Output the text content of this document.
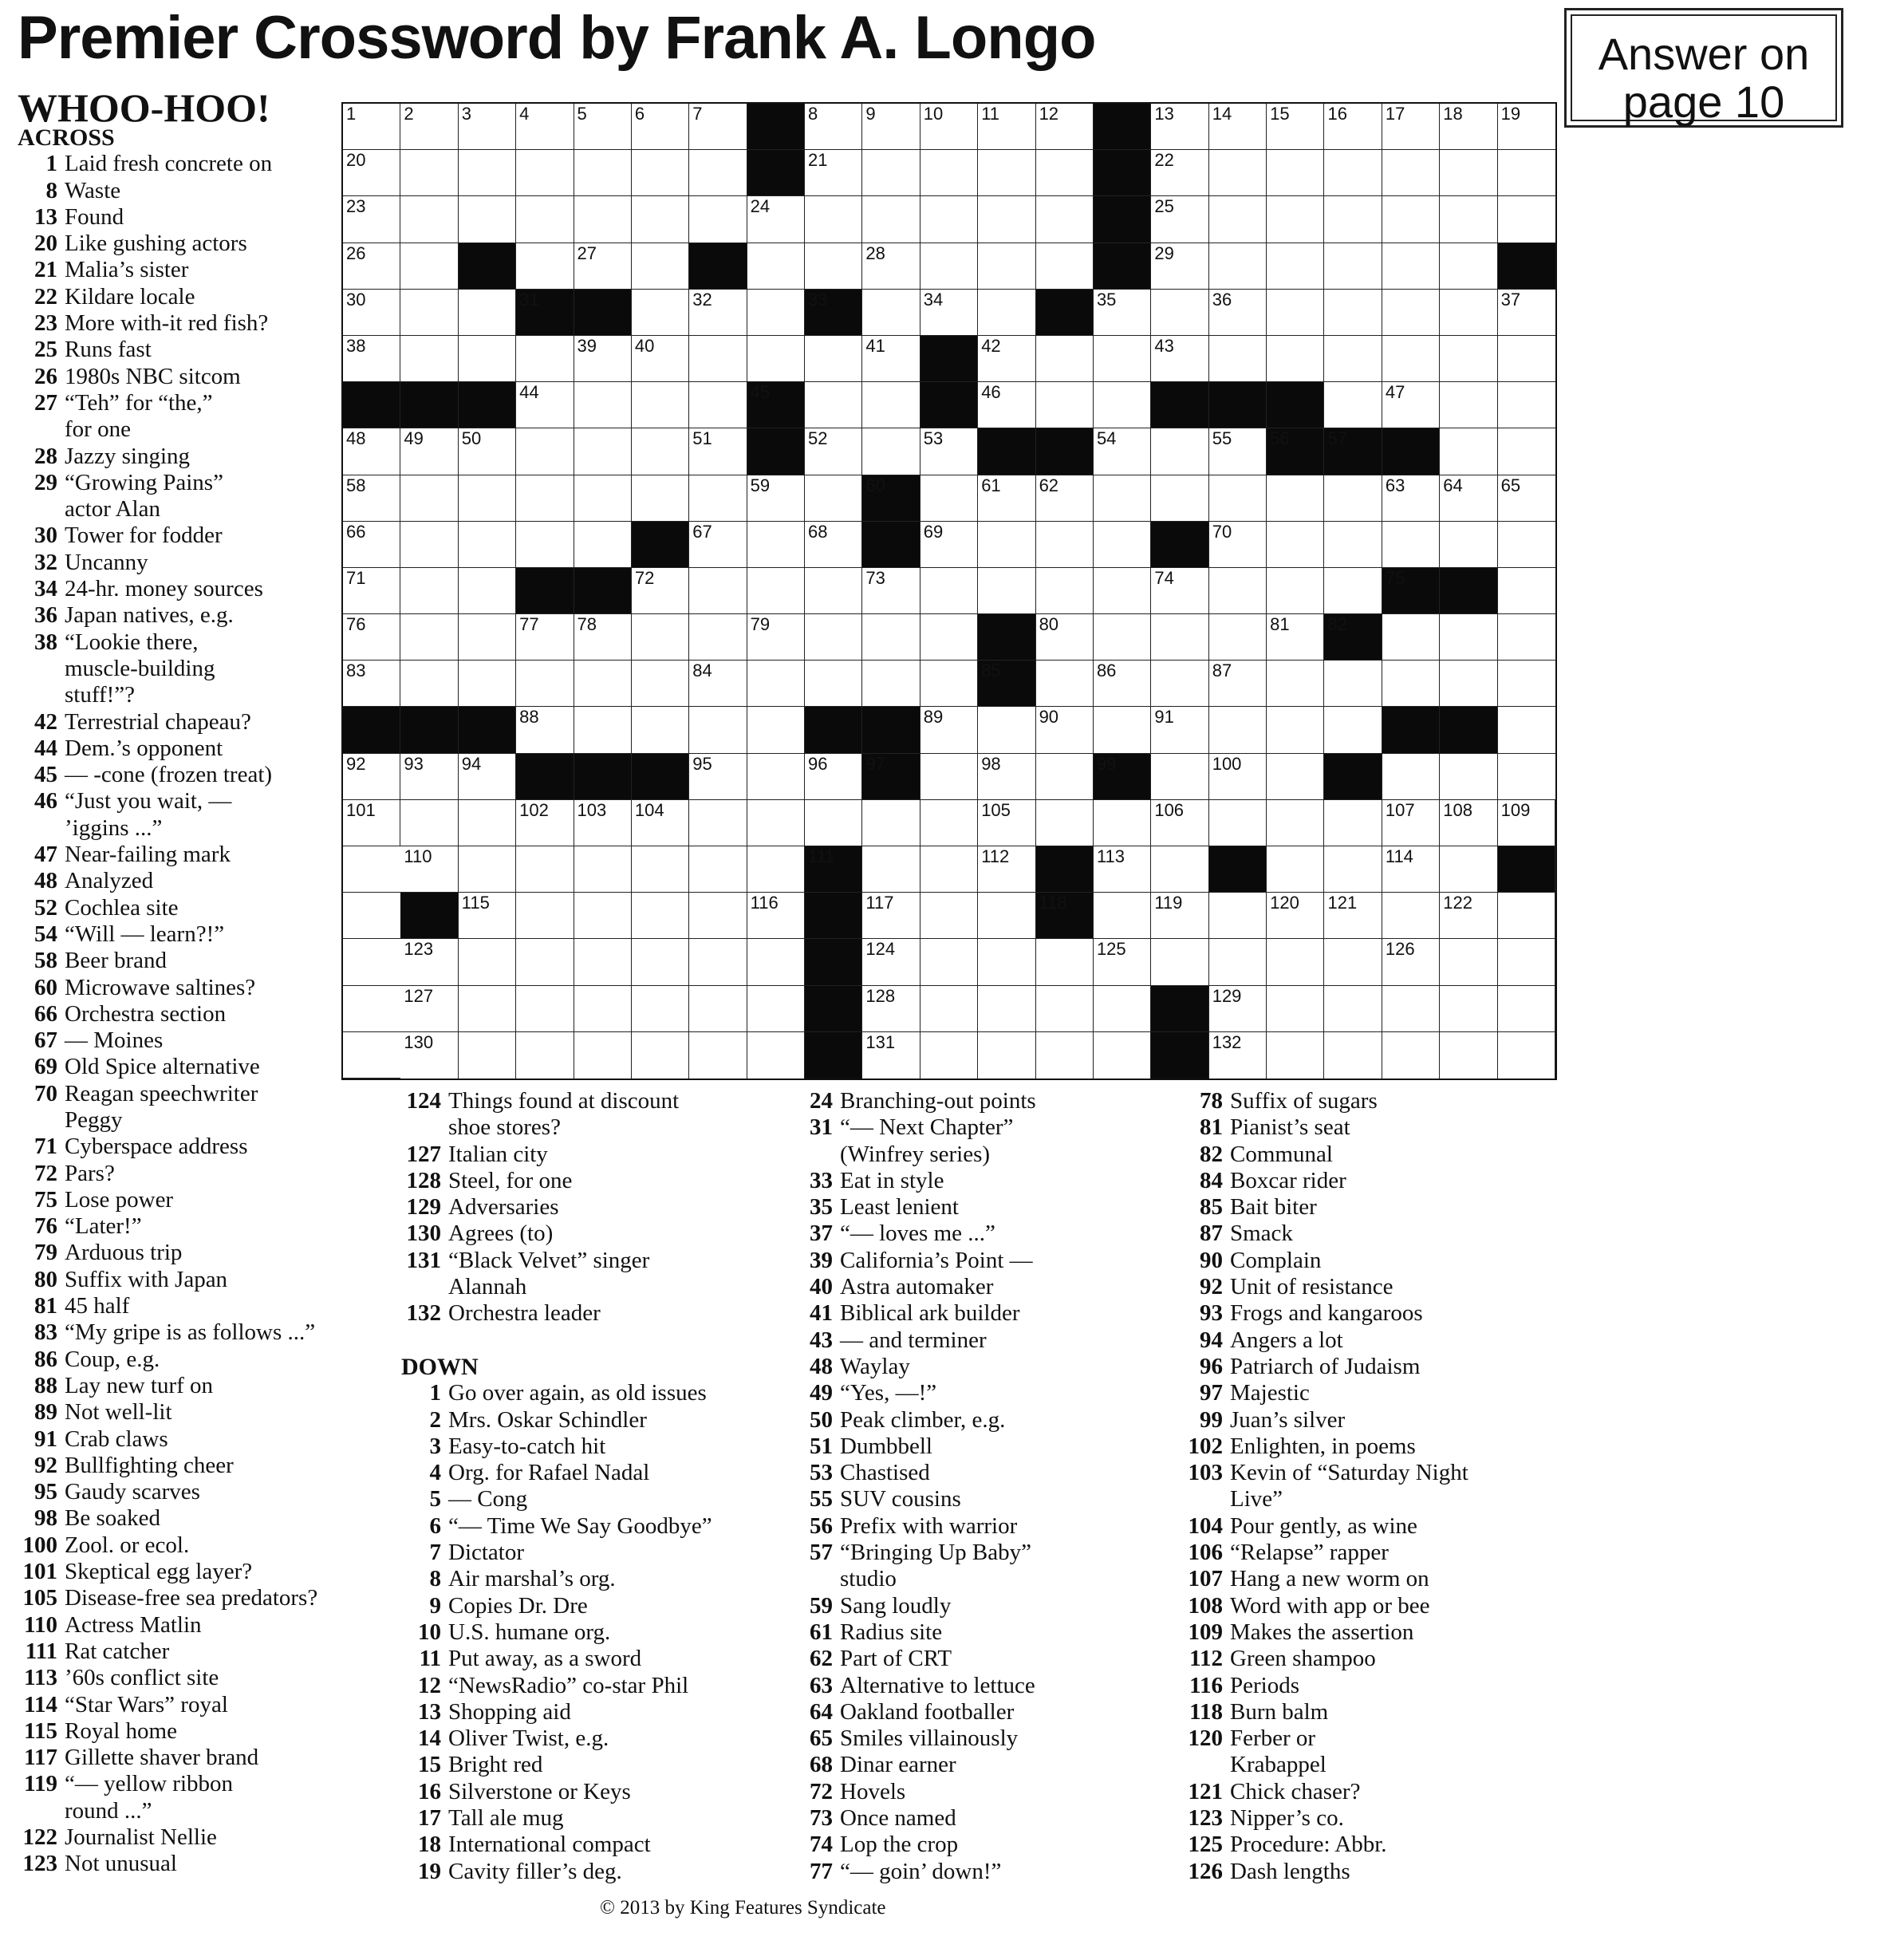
Premier Crossword by Frank A. Longo	Answer on
page 10
WHOO-HOO!
ACROSS
1 Laid fresh concrete on
8 Waste
13 Found
20 Like gushing actors
21 Malia’s sister
22 Kildare locale
23 More with-it red fish?
25 Runs fast
26 1980s NBC sitcom
27 “Teh” for “the,”
for one
28 Jazzy singing
29 “Growing Pains”
actor Alan
30 Tower for fodder
32 Uncanny
34 24-hr. money sources
36 Japan natives, e.g.
38 “Lookie there,
muscle-building
stuff!”?
42 Terrestrial chapeau?
44 Dem.’s opponent
45 — -cone (frozen treat)
46 “Just you wait, —
’iggins ...”
47 Near-failing mark
48 Analyzed
52 Cochlea site
54 “Will — learn?!”
58 Beer brand
60 Microwave saltines?
66 Orchestra section
67 — Moines
69 Old Spice alternative
70 Reagan speechwriter
Peggy
71 Cyberspace address
72 Pars?
75 Lose power
76 “Later!”
79 Arduous trip
80 Suffix with Japan
81 45 half
83 “My gripe is as follows ...”
86 Coup, e.g.
88 Lay new turf on
89 Not well-lit
91 Crab claws
92 Bullfighting cheer
95 Gaudy scarves
98 Be soaked
100 Zool. or ecol.
101 Skeptical egg layer?
105 Disease-free sea predators?
110 Actress Matlin
111 Rat catcher
113 ’60s conflict site
114 “Star Wars” royal
115 Royal home
117 Gillette shaver brand
119 “— yellow ribbon
round ...”
122 Journalist Nellie
123 Not unusual
1	2	3	4	5	6	7	8	9	10 11 12	13 14 15 16 17 18 19
20	21	22
23	24	25
26	27	28	29
30	31	32	33	34	35	36	37
38	39 40	41	42	43
44	45	46	47
48 49 50	51	52	53	54	55 56 57
58	59	60	61 62	63 64 65
66	67	68	69	70
71	72	73	74	75
76	77 78	79	80	81 82
83	84	85	86	87
88	89	90	91
92 93 94	95	96 97	98	99	100
101	102 103 104	105	106	107 108 109
110	111	112	113	114
115	116	117	118	119	120 121	122
123	124	125	126
127	128	129
130	131	132
124 Things found at discount
shoe stores?
127 Italian city
128 Steel, for one
129 Adversaries
130 Agrees (to)
131 “Black Velvet” singer
Alannah
132 Orchestra leader
DOWN
1 Go over again, as old issues
2 Mrs. Oskar Schindler
3 Easy-to-catch hit
4 Org. for Rafael Nadal
5 — Cong
6 “— Time We Say Goodbye”
7 Dictator
8 Air marshal’s org.
9 Copies Dr. Dre
10 U.S. humane org.
11 Put away, as a sword
12 “NewsRadio” co-star Phil
13 Shopping aid
14 Oliver Twist, e.g.
15 Bright red
16 Silverstone or Keys
17 Tall ale mug
18 International compact
19 Cavity filler’s deg.
24 Branching-out points
31 “— Next Chapter”
(Winfrey series)
33 Eat in style
35 Least lenient
37 “— loves me ...”
39 California’s Point —
40 Astra automaker
41 Biblical ark builder
43 — and terminer
48 Waylay
49 “Yes, —!”
50 Peak climber, e.g.
51 Dumbbell
53 Chastised
55 SUV cousins
56 Prefix with warrior
57 “Bringing Up Baby”
studio
59 Sang loudly
61 Radius site
62 Part of CRT
63 Alternative to lettuce
64 Oakland footballer
65 Smiles villainously
68 Dinar earner
72 Hovels
73 Once named
74 Lop the crop
77 “— goin’ down!”
78 Suffix of sugars
81 Pianist’s seat
82 Communal
84 Boxcar rider
85 Bait biter
87 Smack
90 Complain
92 Unit of resistance
93 Frogs and kangaroos
94 Angers a lot
96 Patriarch of Judaism
97 Majestic
99 Juan’s silver
102 Enlighten, in poems
103 Kevin of “Saturday Night
Live”
104 Pour gently, as wine
106 “Relapse” rapper
107 Hang a new worm on
108 Word with app or bee
109 Makes the assertion
112 Green shampoo
116 Periods
118 Burn balm
120 Ferber or
Krabappel
121 Chick chaser?
123 Nipper’s co.
125 Procedure: Abbr.
126 Dash lengths
© 2013 by King Features Syndicate
